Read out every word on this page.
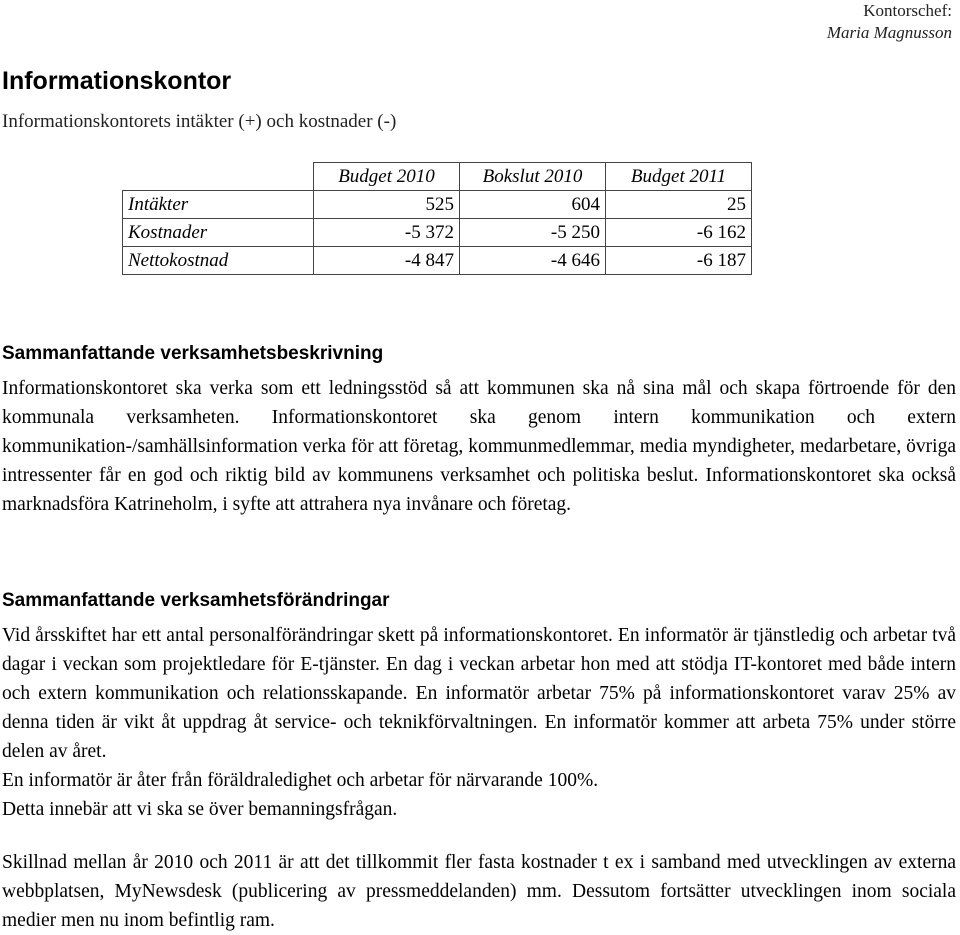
Kontorschef:
Maria Magnusson
Informationskontor
Informationskontorets intäkter (+) och kostnader (-)
	Budget 2010	Bokslut 2010	Budget 2011
Intäkter	525	604	25
Kostnader	-5 372	-5 250	-6 162
Nettokostnad	-4 847	-4 646	-6 187
Sammanfattande verksamhetsbeskrivning

Informationskontoret ska verka som ett ledningsstöd så att kommunen ska nå sina mål och skapa förtroende för den kommunala verksamheten. Informationskontoret ska genom intern kommunikation och extern kommunikation-/samhällsinformation verka för att företag, kommunmedlemmar, media myndigheter, medarbetare, övriga intressenter får en god och riktig bild av kommunens verksamhet och politiska beslut. Informationskontoret ska också marknadsföra Katrineholm, i syfte att attrahera nya invånare och företag.

Sammanfattande verksamhetsförändringar

Vid årsskiftet har ett antal personalförändringar skett på informationskontoret. En informatör är tjänstledig och arbetar två dagar i veckan som projektledare för E-tjänster. En dag i veckan arbetar hon med att stödja IT-kontoret med både intern och extern kommunikation och relationsskapande. En informatör arbetar 75% på informationskontoret varav 25% av denna tiden är vikt åt uppdrag åt service- och teknikförvaltningen. En informatör kommer att arbeta 75% under större delen av året.

En informatör är åter från föräldraledighet och arbetar för närvarande 100%.

Detta innebär att vi ska se över bemanningsfrågan.

Skillnad mellan år 2010 och 2011 är att det tillkommit fler fasta kostnader t ex i samband med utvecklingen av externa webbplatsen, MyNewsdesk (publicering av pressmeddelanden) mm. Dessutom fortsätter utvecklingen inom sociala medier men nu inom befintlig ram.
